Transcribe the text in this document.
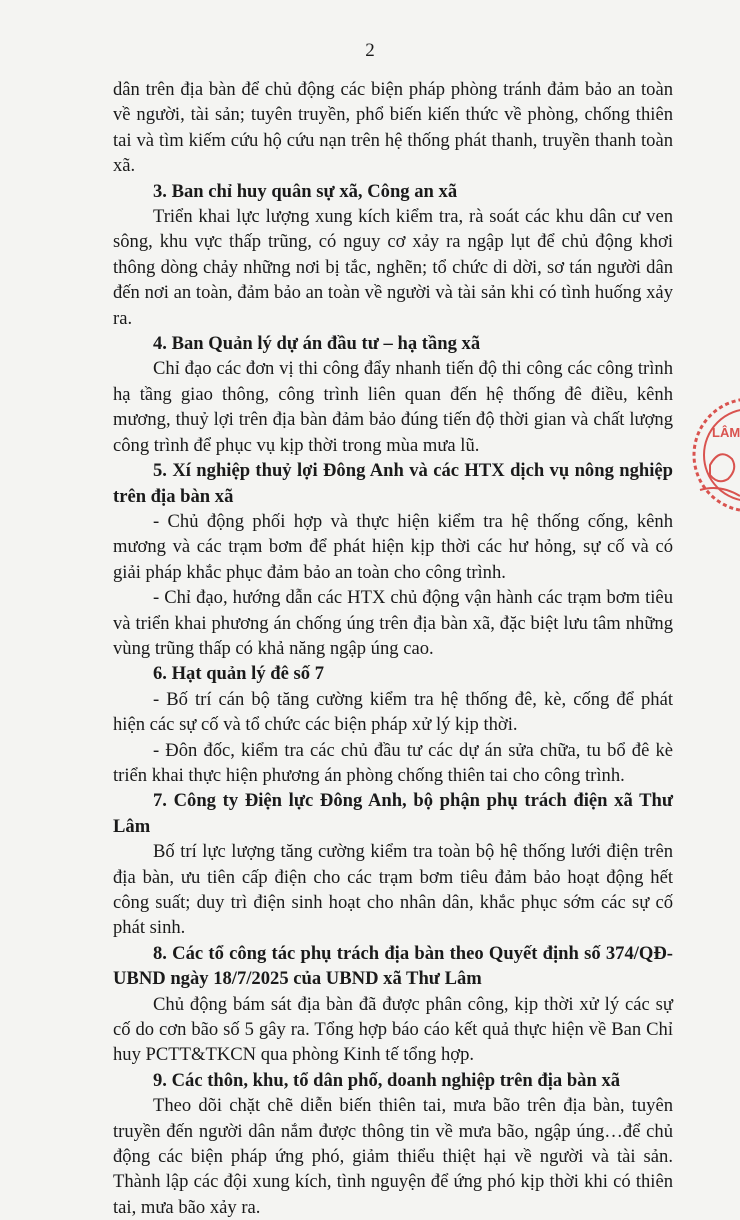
2

dân trên địa bàn để chủ động các biện pháp phòng tránh đảm bảo an toàn về người, tài sản; tuyên truyền, phổ biến kiến thức về phòng, chống thiên tai và tìm kiếm cứu hộ cứu nạn trên hệ thống phát thanh, truyền thanh toàn xã.

3. Ban chỉ huy quân sự xã, Công an xã

Triển khai lực lượng xung kích kiểm tra, rà soát các khu dân cư ven sông, khu vực thấp trũng, có nguy cơ xảy ra ngập lụt để chủ động khơi thông dòng chảy những nơi bị tắc, nghẽn; tổ chức di dời, sơ tán người dân đến nơi an toàn, đảm bảo an toàn về người và tài sản khi có tình huống xảy ra.

4. Ban Quản lý dự án đầu tư – hạ tầng xã

Chỉ đạo các đơn vị thi công đẩy nhanh tiến độ thi công các công trình hạ tầng giao thông, công trình liên quan đến hệ thống đê điều, kênh mương, thuỷ lợi trên địa bàn đảm bảo đúng tiến độ thời gian và chất lượng công trình để phục vụ kịp thời trong mùa mưa lũ.

5. Xí nghiệp thuỷ lợi Đông Anh và các HTX dịch vụ nông nghiệp trên địa bàn xã

- Chủ động phối hợp và thực hiện kiểm tra hệ thống cống, kênh mương và các trạm bơm để phát hiện kịp thời các hư hỏng, sự cố và có giải pháp khắc phục đảm bảo an toàn cho công trình.

- Chỉ đạo, hướng dẫn các HTX chủ động vận hành các trạm bơm tiêu và triển khai phương án chống úng trên địa bàn xã, đặc biệt lưu tâm những vùng trũng thấp có khả năng ngập úng cao.

6. Hạt quản lý đê số 7

- Bố trí cán bộ tăng cường kiểm tra hệ thống đê, kè, cống để phát hiện các sự cố và tổ chức các biện pháp xử lý kịp thời.

- Đôn đốc, kiểm tra các chủ đầu tư các dự án sửa chữa, tu bổ đê kè triển khai thực hiện phương án phòng chống thiên tai cho công trình.

7. Công ty Điện lực Đông Anh, bộ phận phụ trách điện xã Thư Lâm

Bố trí lực lượng tăng cường kiểm tra toàn bộ hệ thống lưới điện trên địa bàn, ưu tiên cấp điện cho các trạm bơm tiêu đảm bảo hoạt động hết công suất; duy trì điện sinh hoạt cho nhân dân, khắc phục sớm các sự cố phát sinh.

8. Các tổ công tác phụ trách địa bàn theo Quyết định số 374/QĐ-UBND ngày 18/7/2025 của UBND xã Thư Lâm

Chủ động bám sát địa bàn đã được phân công, kịp thời xử lý các sự cố do cơn bão số 5 gây ra. Tổng hợp báo cáo kết quả thực hiện về Ban Chỉ huy PCTT&TKCN qua phòng Kinh tế tổng hợp.

9. Các thôn, khu, tổ dân phố, doanh nghiệp trên địa bàn xã

Theo dõi chặt chẽ diễn biến thiên tai, mưa bão trên địa bàn, tuyên truyền đến người dân nắm được thông tin về mưa bão, ngập úng…để chủ động các biện pháp ứng phó, giảm thiểu thiệt hại về người và tài sản. Thành lập các đội xung kích, tình nguyện để ứng phó kịp thời khi có thiên tai, mưa bão xảy ra.

LÂM
